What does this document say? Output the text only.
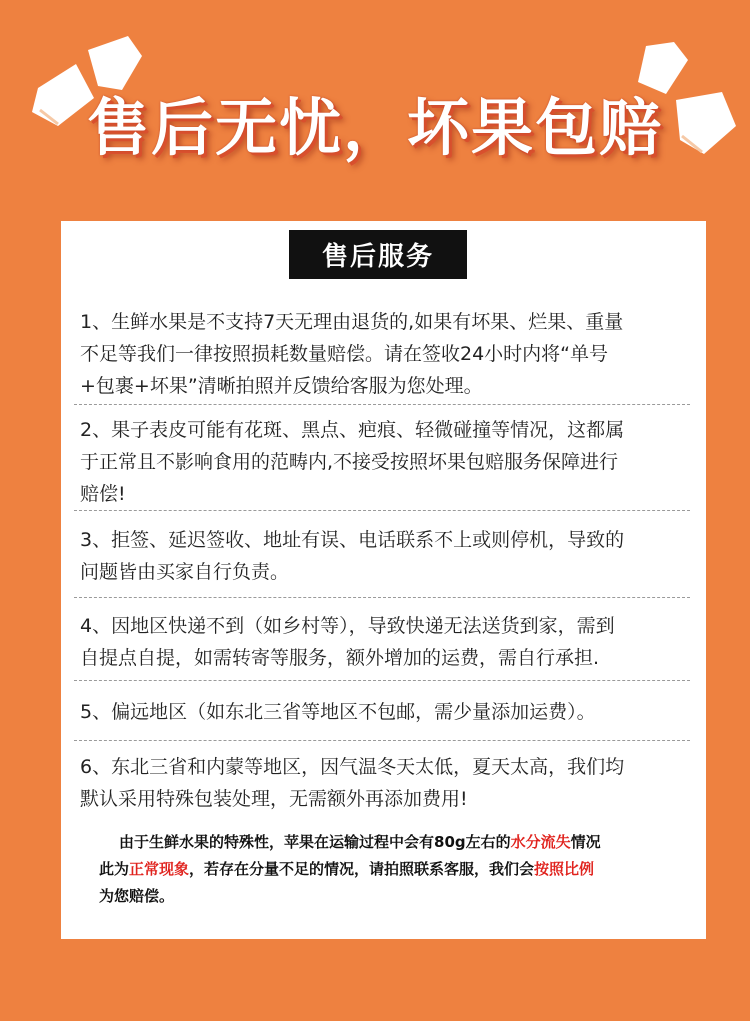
售后无忧，坏果包赔
售后服务
1、生鲜水果是不支持7天无理由退货的,如果有坏果、烂果、重量
不足等我们一律按照损耗数量赔偿。请在签收24小时内将“单号
+包裹+坏果”清晰拍照并反馈给客服为您处理。
2、果子表皮可能有花斑、黑点、疤痕、轻微碰撞等情况，这都属
于正常且不影响食用的范畴内,不接受按照坏果包赔服务保障进行
赔偿!
3、拒签、延迟签收、地址有误、电话联系不上或则停机，导致的
问题皆由买家自行负责。
4、因地区快递不到（如乡村等），导致快递无法送货到家，需到
自提点自提，如需转寄等服务，额外增加的运费，需自行承担.
5、偏远地区（如东北三省等地区不包邮，需少量添加运费）。
6、东北三省和内蒙等地区，因气温冬天太低，夏天太高，我们均
默认采用特殊包装处理，无需额外再添加费用!
由于生鲜水果的特殊性，苹果在运输过程中会有80g左右的水分流失情况
此为正常现象，若存在分量不足的情况，请拍照联系客服，我们会按照比例
为您赔偿。
